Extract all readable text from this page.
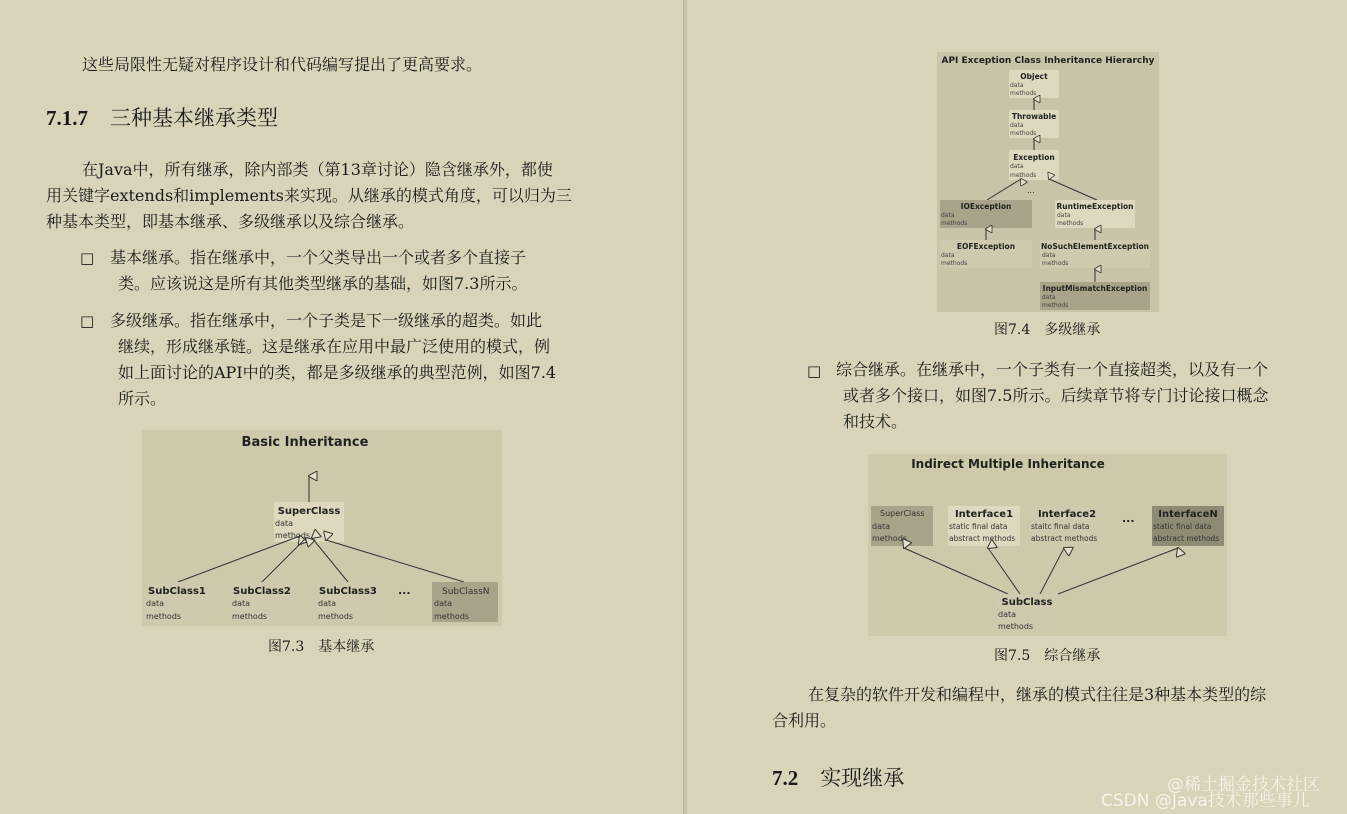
这些局限性无疑对程序设计和代码编写提出了更高要求。
7.1.7 三种基本继承类型
在Java中，所有继承，除内部类（第13章讨论）隐含继承外，都使
用关键字extends和implements来实现。从继承的模式角度，可以归为三
种基本类型，即基本继承、多级继承以及综合继承。
□ 基本继承。指在继承中，一个父类导出一个或者多个直接子
类。应该说这是所有其他类型继承的基础，如图7.3所示。
□ 多级继承。指在继承中，一个子类是下一级继承的超类。如此
继续，形成继承链。这是继承在应用中最广泛使用的模式，例
如上面讨论的API中的类，都是多级继承的典型范例，如图7.4
所示。
Basic Inheritance
SuperClass
data
methods
SubClass1
data
methods
SubClass2
data
methods
SubClass3
data
methods
...	SubClassN
data
methods
图7.3　基本继承
API Exception Class Inheritance Hierarchy
Object
data
methods
Throwable
data
methods
Exception
data
methods
...
IOException
data
methods
RuntimeException
data
methods
EOFException
data
methods
NoSuchElementException
data
methods
InputMismatchException
data
methods
图7.4　多级继承
□ 综合继承。在继承中，一个子类有一个直接超类，以及有一个
或者多个接口，如图7.5所示。后续章节将专门讨论接口概念
和技术。
Indirect Multiple Inheritance
SuperClass
data
methods
Interface1
static final data
abstract methods
Interface2
staitc final data
abstract methods
... InterfaceN
static final data
abstract methods
SubClass
data
methods
图7.5　综合继承
在复杂的软件开发和编程中，继承的模式往往是3种基本类型的综
合利用。
7.2 实现继承	@稀土掘金技术社区
CSDN @Java技术那些事儿
